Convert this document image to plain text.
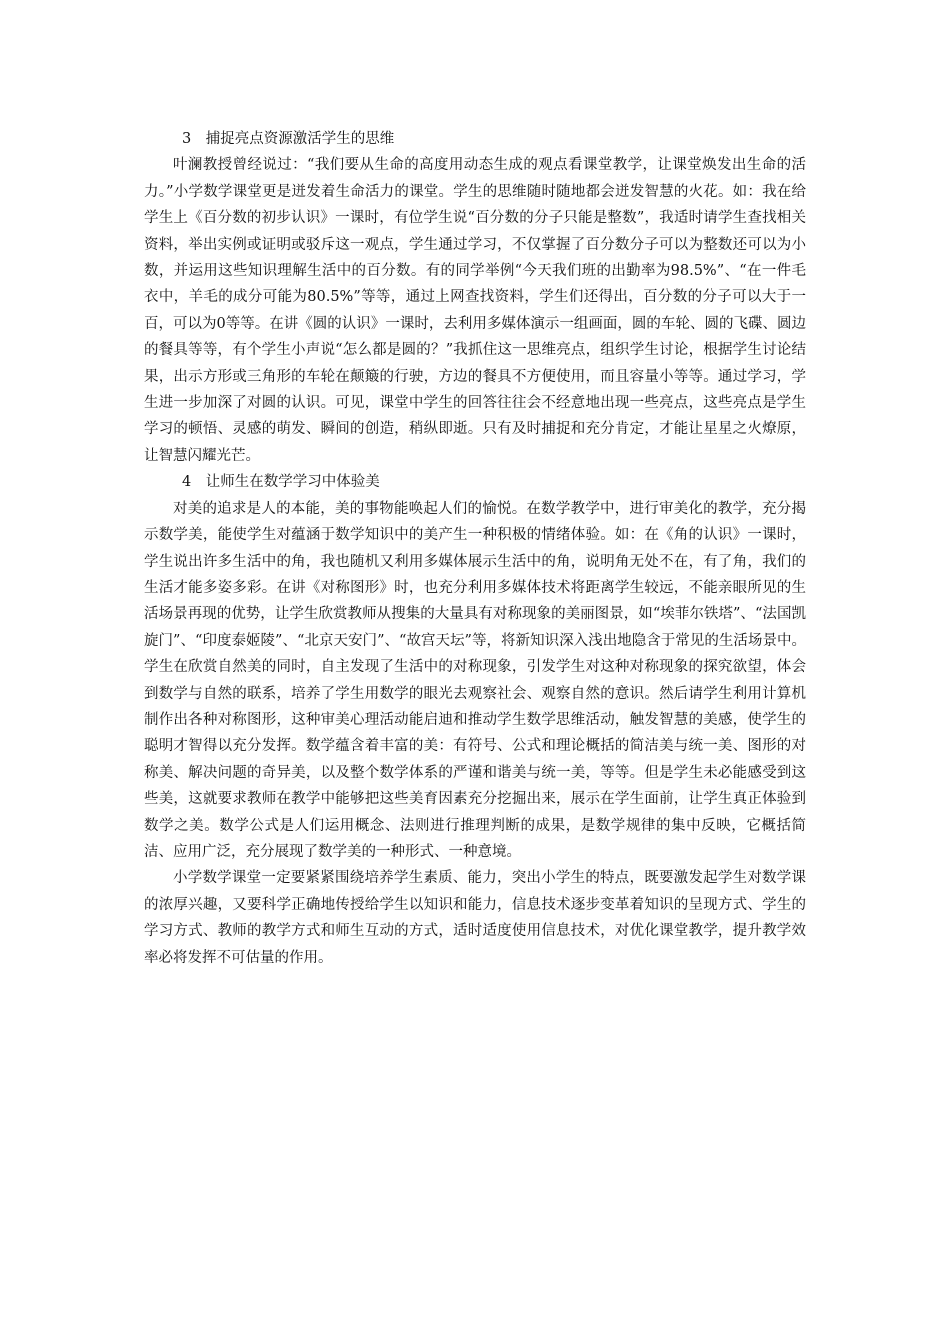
3　捕捉亮点资源激活学生的思维

叶澜教授曾经说过：“我们要从生命的高度用动态生成的观点看课堂教学，让课堂焕发出生命的活力。”小学数学课堂更是迸发着生命活力的课堂。学生的思维随时随地都会迸发智慧的火花。如：我在给学生上《百分数的初步认识》一课时，有位学生说“百分数的分子只能是整数”，我适时请学生查找相关资料，举出实例或证明或驳斥这一观点，学生通过学习，不仅掌握了百分数分子可以为整数还可以为小数，并运用这些知识理解生活中的百分数。有的同学举例“今天我们班的出勤率为98.5%”、“在一件毛衣中，羊毛的成分可能为80.5%”等等，通过上网查找资料，学生们还得出，百分数的分子可以大于一百，可以为0等等。在讲《圆的认识》一课时，去利用多媒体演示一组画面，圆的车轮、圆的飞碟、圆边的餐具等等，有个学生小声说“怎么都是圆的？”我抓住这一思维亮点，组织学生讨论，根据学生讨论结果，出示方形或三角形的车轮在颠簸的行驶，方边的餐具不方便使用，而且容量小等等。通过学习，学生进一步加深了对圆的认识。可见，课堂中学生的回答往往会不经意地出现一些亮点，这些亮点是学生学习的顿悟、灵感的萌发、瞬间的创造，稍纵即逝。只有及时捕捉和充分肯定，才能让星星之火燎原，让智慧闪耀光芒。

4　让师生在数学学习中体验美

对美的追求是人的本能，美的事物能唤起人们的愉悦。在数学教学中，进行审美化的教学，充分揭示数学美，能使学生对蕴涵于数学知识中的美产生一种积极的情绪体验。如：在《角的认识》一课时，学生说出许多生活中的角，我也随机又利用多媒体展示生活中的角，说明角无处不在，有了角，我们的生活才能多姿多彩。在讲《对称图形》时，也充分利用多媒体技术将距离学生较远，不能亲眼所见的生活场景再现的优势，让学生欣赏教师从搜集的大量具有对称现象的美丽图景，如“埃菲尔铁塔”、“法国凯旋门”、“印度泰姬陵”、“北京天安门”、“故宫天坛”等，将新知识深入浅出地隐含于常见的生活场景中。学生在欣赏自然美的同时，自主发现了生活中的对称现象，引发学生对这种对称现象的探究欲望，体会到数学与自然的联系，培养了学生用数学的眼光去观察社会、观察自然的意识。然后请学生利用计算机制作出各种对称图形，这种审美心理活动能启迪和推动学生数学思维活动，触发智慧的美感，使学生的聪明才智得以充分发挥。数学蕴含着丰富的美：有符号、公式和理论概括的简洁美与统一美、图形的对称美、解决问题的奇异美，以及整个数学体系的严谨和谐美与统一美，等等。但是学生未必能感受到这些美，这就要求教师在教学中能够把这些美育因素充分挖掘出来，展示在学生面前，让学生真正体验到数学之美。数学公式是人们运用概念、法则进行推理判断的成果，是数学规律的集中反映，它概括简洁、应用广泛，充分展现了数学美的一种形式、一种意境。

小学数学课堂一定要紧紧围绕培养学生素质、能力，突出小学生的特点，既要激发起学生对数学课的浓厚兴趣，又要科学正确地传授给学生以知识和能力，信息技术逐步变革着知识的呈现方式、学生的学习方式、教师的教学方式和师生互动的方式，适时适度使用信息技术，对优化课堂教学，提升教学效率必将发挥不可估量的作用。
